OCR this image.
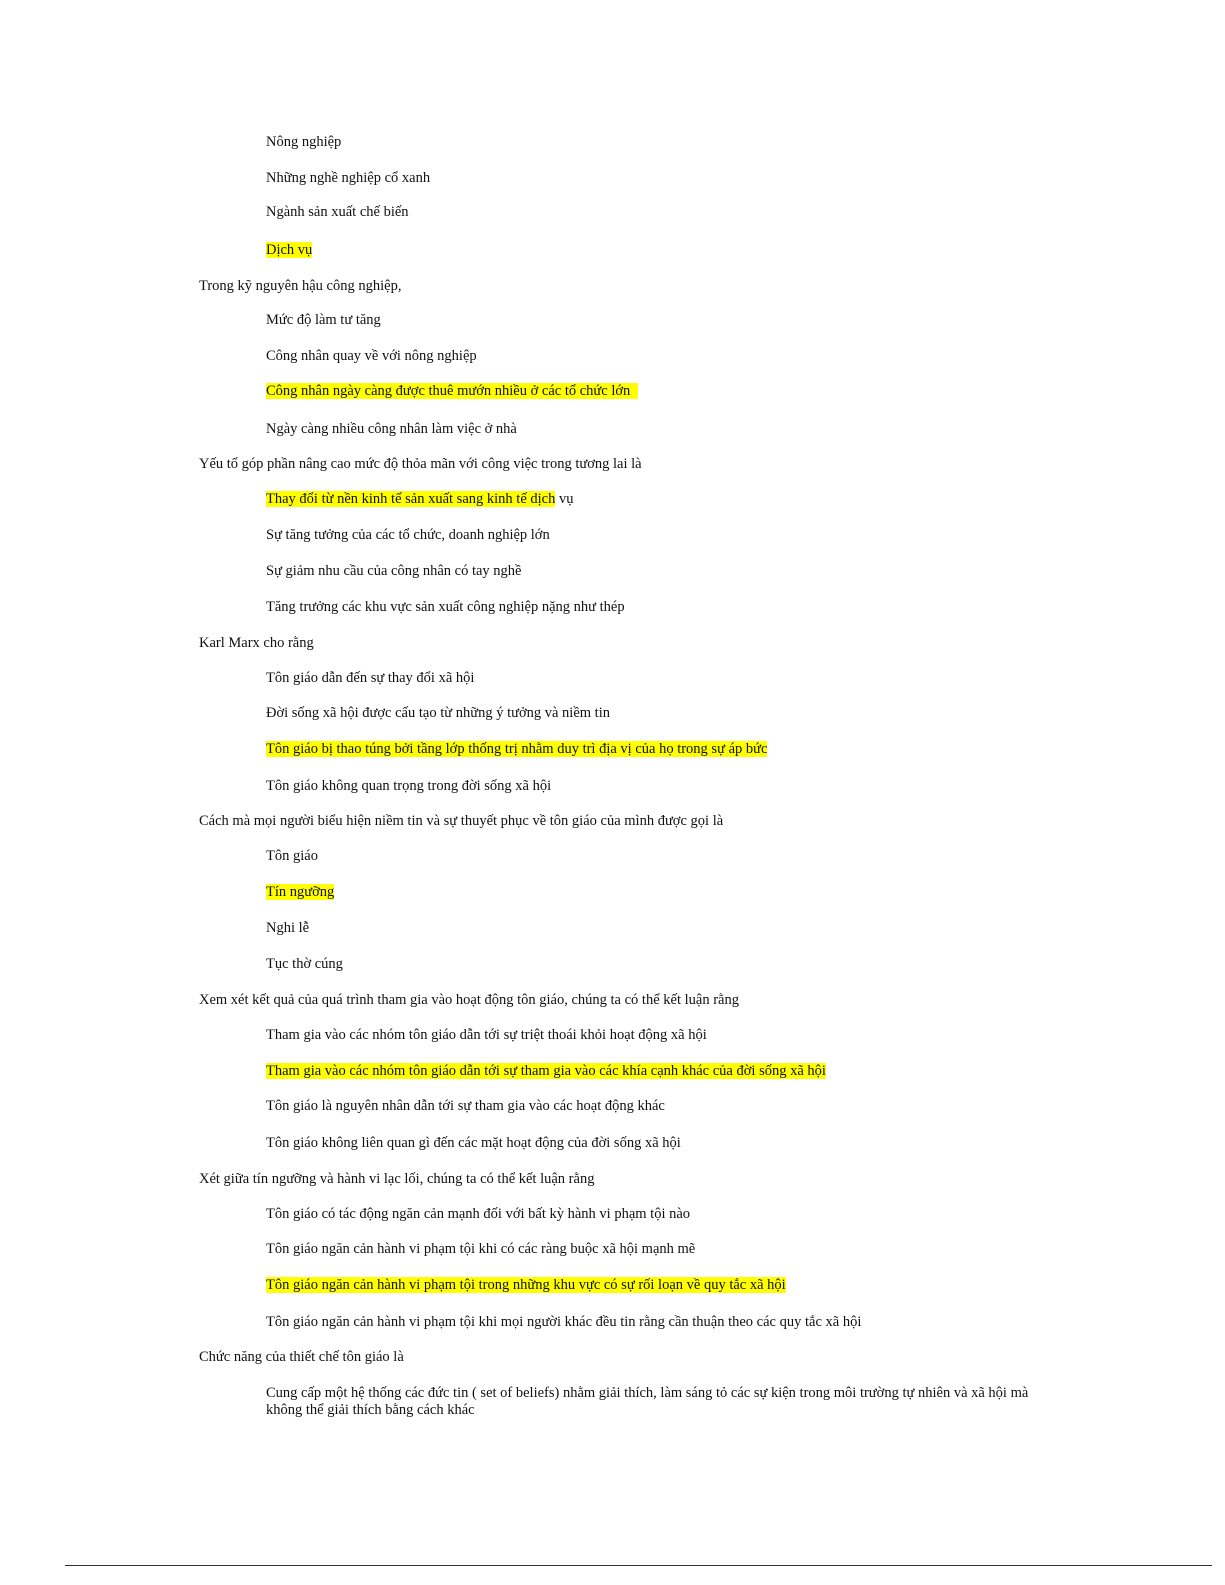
Nông nghiệp
Những nghề nghiệp cổ xanh
Ngành sản xuất chế biến
Dịch vụ
Trong kỹ nguyên hậu công nghiệp,
Mức độ làm tư tăng
Công nhân quay về với nông nghiệp
Công nhân ngày càng được thuê mướn nhiều ở các tổ chức lớn
Ngày càng nhiều công nhân làm việc ở nhà
Yếu tố góp phần nâng cao mức độ thỏa mãn với công việc trong tương lai là
Thay đổi từ nền kinh tế sản xuất sang kinh tế dịch vụ
Sự tăng tưởng của các tổ chức, doanh nghiệp lớn
Sự giảm nhu cầu của công nhân có tay nghề
Tăng trưởng các khu vực sản xuất công nghiệp nặng như thép
Karl Marx cho rằng
Tôn giáo dẫn đến sự thay đổi xã hội
Đời sống xã hội được cấu tạo từ những ý tưởng và niềm tin
Tôn giáo bị thao túng bởi tầng lớp thống trị nhằm duy trì địa vị của họ trong sự áp bức
Tôn giáo không quan trọng trong đời sống xã hội
Cách mà mọi người biểu hiện niềm tin và sự thuyết phục về tôn giáo của mình được gọi là
Tôn giáo
Tín ngưỡng
Nghi lễ
Tục thờ cúng
Xem xét kết quả của quá trình tham gia vào hoạt động tôn giáo, chúng ta có thể kết luận rằng
Tham gia vào các nhóm tôn giáo dẫn tới sự triệt thoái khỏi hoạt động xã hội
Tham gia vào các nhóm tôn giáo dẫn tới sự tham gia vào các khía cạnh khác của đời sống xã hội
Tôn giáo là nguyên nhân dẫn tới sự tham gia vào các hoạt động khác
Tôn giáo không liên quan gì đến các mặt hoạt động của đời sống xã hội
Xét giữa tín ngưỡng và hành vi lạc lối, chúng ta có thể kết luận rằng
Tôn giáo có tác động ngăn cản mạnh đối với bất kỳ hành vi phạm tội nào
Tôn giáo ngăn cản hành vi phạm tội khi có các ràng buộc xã hội mạnh mẽ
Tôn giáo ngăn cản hành vi phạm tội trong những khu vực có sự rối loạn về quy tắc xã hội
Tôn giáo ngăn cản hành vi phạm tội khi mọi người khác đều tin rằng cần thuận theo các quy tắc xã hội
Chức năng của thiết chế tôn giáo là
Cung cấp một hệ thống các đức tin ( set of beliefs) nhằm giải thích, làm sáng tỏ các sự kiện trong môi trường tự nhiên và xã hội mà không thể giải thích bằng cách khác
